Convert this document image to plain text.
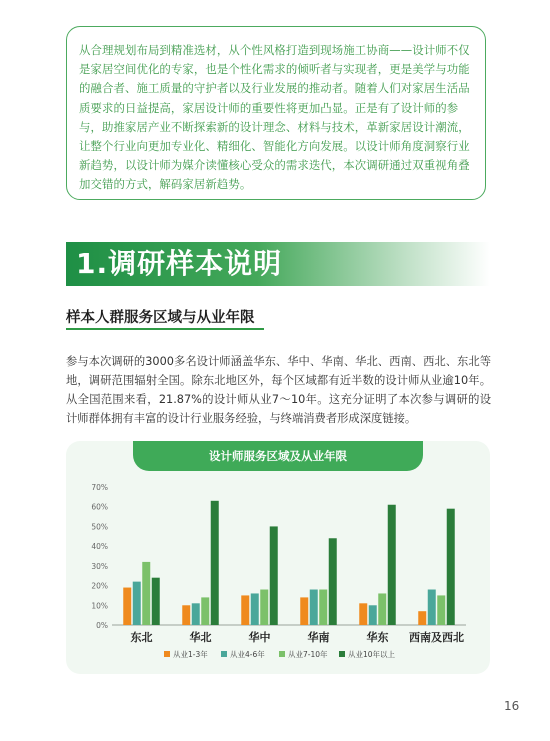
从合理规划布局到精准选材，从个性风格打造到现场施工协商——设计师不仅是家居空间优化的专家，也是个性化需求的倾听者与实现者，更是美学与功能的融合者、施工质量的守护者以及行业发展的推动者。随着人们对家居生活品质要求的日益提高，家居设计师的重要性将更加凸显。正是有了设计师的参与，助推家居产业不断探索新的设计理念、材料与技术，革新家居设计潮流，让整个行业向更加专业化、精细化、智能化方向发展。以设计师角度洞察行业新趋势，以设计师为媒介读懂核心受众的需求迭代，本次调研通过双重视角叠加交错的方式，解码家居新趋势。

1.调研样本说明
样本人群服务区域与从业年限

参与本次调研的3000多名设计师涵盖华东、华中、华南、华北、西南、西北、东北等地，调研范围辐射全国。除东北地区外，每个区域都有近半数的设计师从业逾10年。从全国范围来看，21.87%的设计师从业7～10年。这充分证明了本次参与调研的设计师群体拥有丰富的设计行业服务经验，与终端消费者形成深度链接。

设计师服务区域及从业年限
0%
10%
20%
30%
40%
50%
60%
70%
东北	华北	华中	华南	华东 西南及西北
从业1-3年	从业4-6年	从业7-10年	从业10年以上
16
